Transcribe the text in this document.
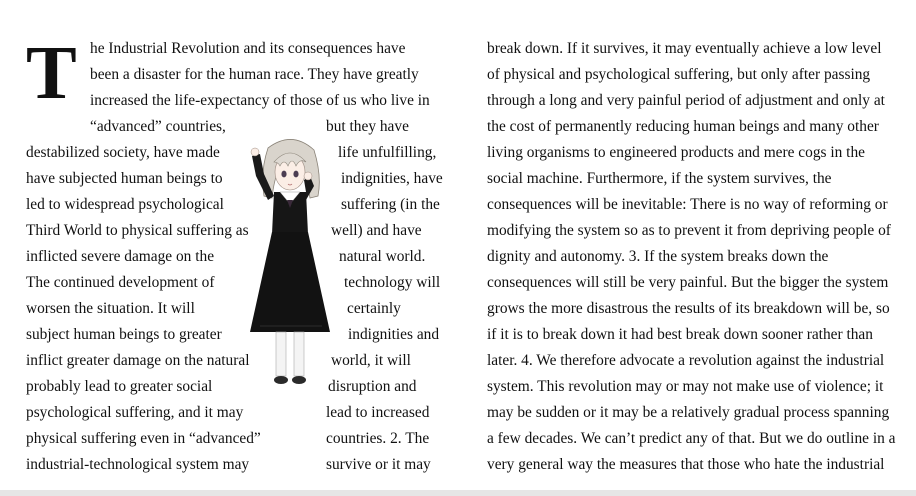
T he Industrial Revolution and its consequences have
been a disaster for the human race. They have greatly
increased the life-expectancy of those of us who live in
“advanced” countries,	but they have
destabilized society, have made	life unfulfilling,
have subjected human beings to	indignities, have
led to widespread psychological	suffering (in the
Third World to physical suffering as	well) and have
inflicted severe damage on the	natural world.
The continued development of	technology will
worsen the situation. It will	certainly
subject human beings to greater	indignities and
inflict greater damage on the natural	world, it will
probably lead to greater social	disruption and
psychological suffering, and it may	lead to increased
physical suffering even in “advanced”	countries. 2. The
industrial-technological system may	survive or it may
break down. If it survives, it may eventually achieve a low level
of physical and psychological suffering, but only after passing
through a long and very painful period of adjustment and only at
the cost of permanently reducing human beings and many other
living organisms to engineered products and mere cogs in the
social machine. Furthermore, if the system survives, the
consequences will be inevitable: There is no way of reforming or
modifying the system so as to prevent it from depriving people of
dignity and autonomy. 3. If the system breaks down the
consequences will still be very painful. But the bigger the system
grows the more disastrous the results of its breakdown will be, so
if it is to break down it had best break down sooner rather than
later. 4. We therefore advocate a revolution against the industrial
system. This revolution may or may not make use of violence; it
may be sudden or it may be a relatively gradual process spanning
a few decades. We can’t predict any of that. But we do outline in a
very general way the measures that those who hate the industrial
